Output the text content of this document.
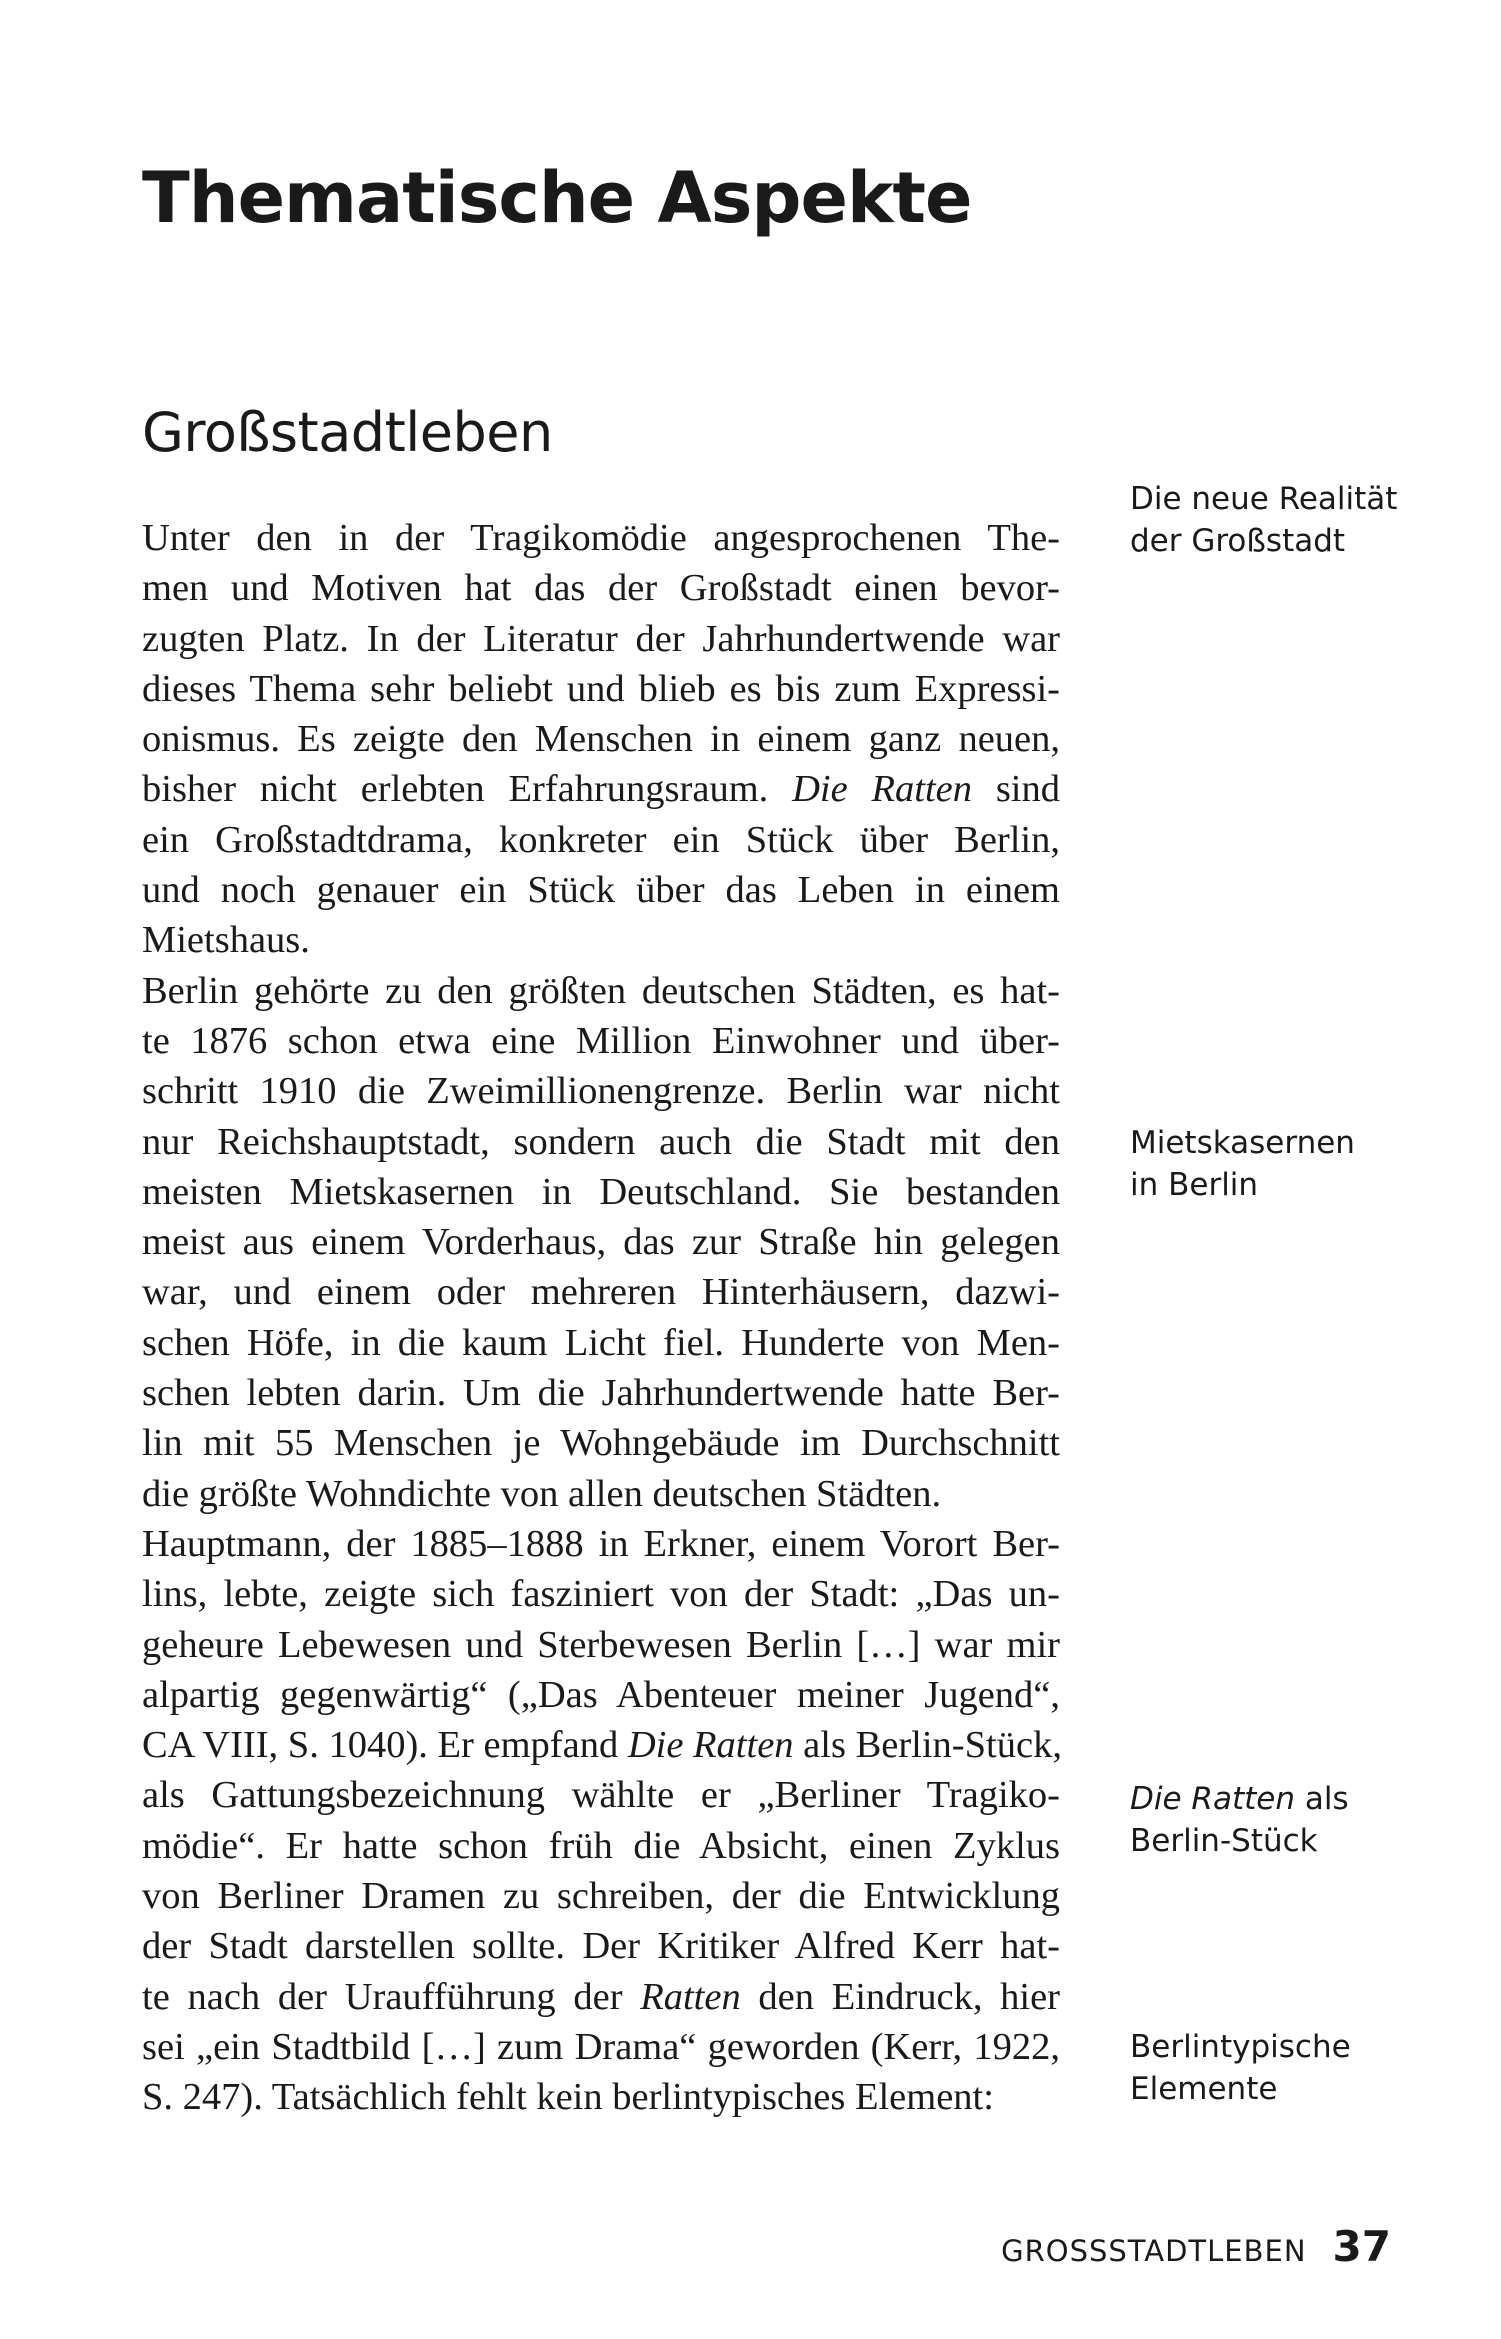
Thematische Aspekte
Großstadtleben
Unter den in der Tragikomödie angesprochenen The-
men und Motiven hat das der Großstadt einen bevor-
zugten Platz. In der Literatur der Jahrhundertwende war
dieses Thema sehr beliebt und blieb es bis zum Expressi-
onismus. Es zeigte den Menschen in einem ganz neuen,
bisher nicht erlebten Erfahrungsraum. Die Ratten sind
ein Großstadtdrama, konkreter ein Stück über Berlin,
und noch genauer ein Stück über das Leben in einem
Mietshaus.
Berlin gehörte zu den größten deutschen Städten, es hat-
te 1876 schon etwa eine Million Einwohner und über-
schritt 1910 die Zweimillionengrenze. Berlin war nicht
nur Reichshauptstadt, sondern auch die Stadt mit den
meisten Mietskasernen in Deutschland. Sie bestanden
meist aus einem Vorderhaus, das zur Straße hin gelegen
war, und einem oder mehreren Hinterhäusern, dazwi-
schen Höfe, in die kaum Licht fiel. Hunderte von Men-
schen lebten darin. Um die Jahrhundertwende hatte Ber-
lin mit 55 Menschen je Wohngebäude im Durchschnitt
die größte Wohndichte von allen deutschen Städten.
Hauptmann, der 1885–1888 in Erkner, einem Vorort Ber-
lins, lebte, zeigte sich fasziniert von der Stadt: „Das un-
geheure Lebewesen und Sterbewesen Berlin […] war mir
alpartig gegenwärtig“ („Das Abenteuer meiner Jugend“,
CA VIII, S. 1040). Er empfand Die Ratten als Berlin-Stück,
als Gattungsbezeichnung wählte er „Berliner Tragiko-
mödie“. Er hatte schon früh die Absicht, einen Zyklus
von Berliner Dramen zu schreiben, der die Entwicklung
der Stadt darstellen sollte. Der Kritiker Alfred Kerr hat-
te nach der Uraufführung der Ratten den Eindruck, hier
sei „ein Stadtbild […] zum Drama“ geworden (Kerr, 1922,
S. 247). Tatsächlich fehlt kein berlintypisches Element:
Die neue Realität
der Großstadt
Mietskasernen
in Berlin
Die Ratten als
Berlin-Stück
Berlintypische
Elemente
GROSSSTADTLEBEN 37
